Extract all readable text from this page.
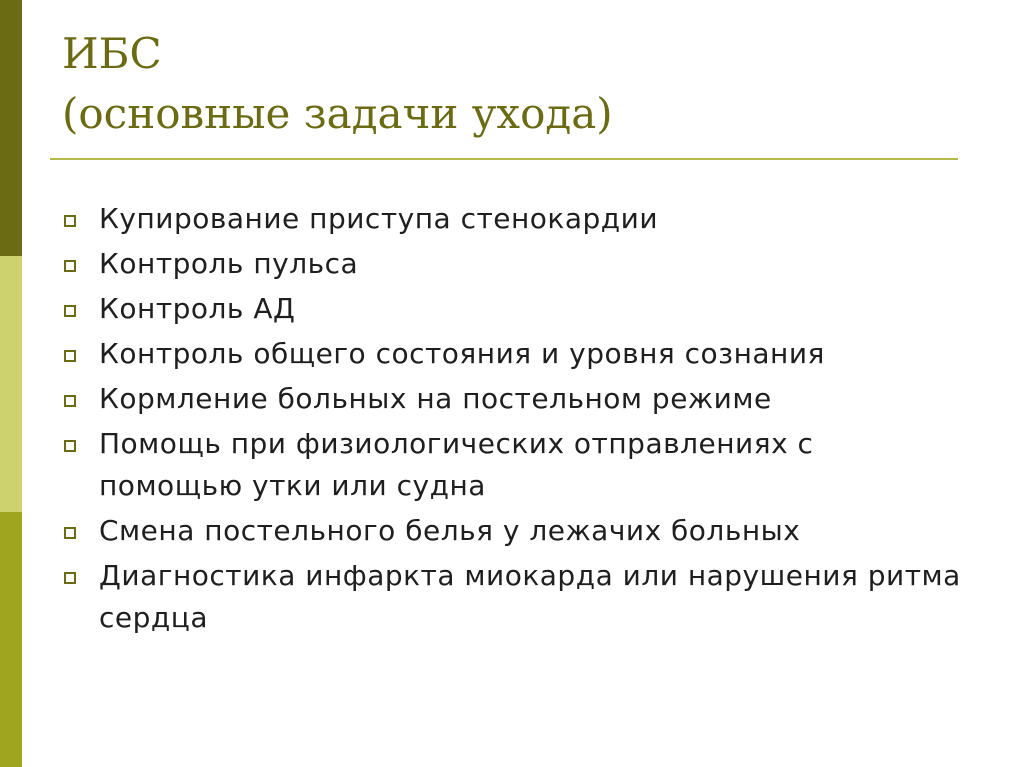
ИБС
(основные задачи ухода)
Купирование приступа стенокардии
Контроль пульса
Контроль АД
Контроль общего состояния и уровня сознания
Кормление больных на постельном режиме
Помощь при физиологических отправлениях с помощью утки или судна
Смена постельного белья у лежачих больных
Диагностика инфаркта миокарда или нарушения ритма сердца
